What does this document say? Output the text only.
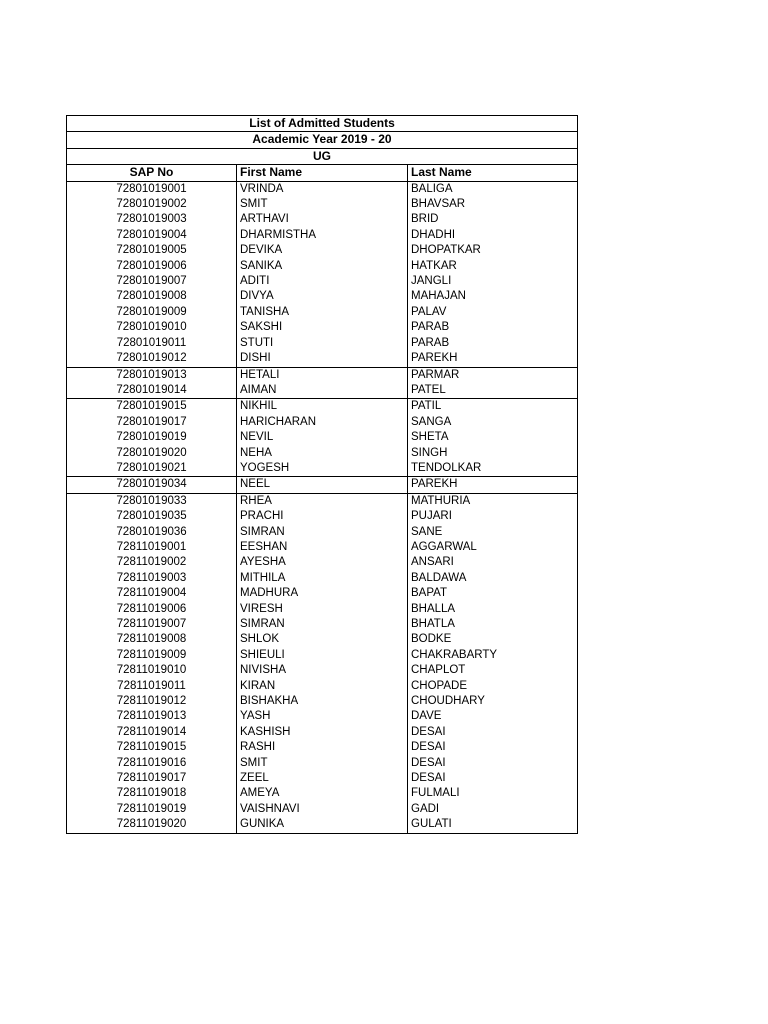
List of Admitted Students		
Academic Year 2019 - 20		
UG		
SAP No	First Name	Last Name
72801019001	VRINDA	BALIGA
72801019002	SMIT	BHAVSAR
72801019003	ARTHAVI	BRID
72801019004	DHARMISTHA	DHADHI
72801019005	DEVIKA	DHOPATKAR
72801019006	SANIKA	HATKAR
72801019007	ADITI	JANGLI
72801019008	DIVYA	MAHAJAN
72801019009	TANISHA	PALAV
72801019010	SAKSHI	PARAB
72801019011	STUTI	PARAB
72801019012	DISHI	PAREKH
72801019013	HETALI	PARMAR
72801019014	AIMAN	PATEL
72801019015	NIKHIL	PATIL
72801019017	HARICHARAN	SANGA
72801019019	NEVIL	SHETA
72801019020	NEHA	SINGH
72801019021	YOGESH	TENDOLKAR
72801019034	NEEL	PAREKH
72801019033	RHEA	MATHURIA
72801019035	PRACHI	PUJARI
72801019036	SIMRAN	SANE
72811019001	EESHAN	AGGARWAL
72811019002	AYESHA	ANSARI
72811019003	MITHILA	BALDAWA
72811019004	MADHURA	BAPAT
72811019006	VIRESH	BHALLA
72811019007	SIMRAN	BHATLA
72811019008	SHLOK	BODKE
72811019009	SHIEULI	CHAKRABARTY
72811019010	NIVISHA	CHAPLOT
72811019011	KIRAN	CHOPADE
72811019012	BISHAKHA	CHOUDHARY
72811019013	YASH	DAVE
72811019014	KASHISH	DESAI
72811019015	RASHI	DESAI
72811019016	SMIT	DESAI
72811019017	ZEEL	DESAI
72811019018	AMEYA	FULMALI
72811019019	VAISHNAVI	GADI
72811019020	GUNIKA	GULATI
